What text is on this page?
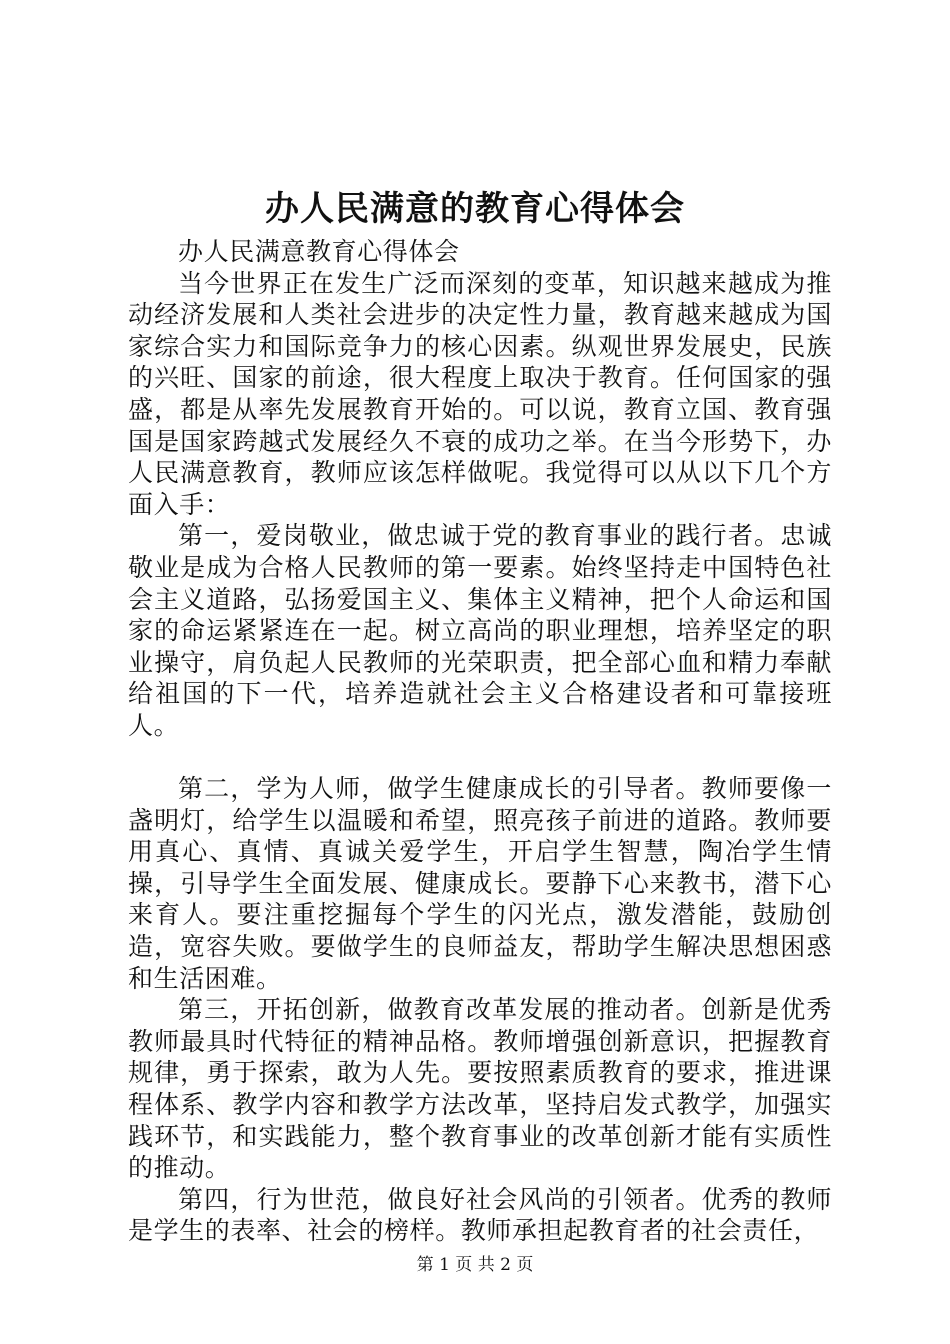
办人民满意的教育心得体会

办人民满意教育心得体会

当今世界正在发生广泛而深刻的变革，知识越来越成为推动经济发展和人类社会进步的决定性力量，教育越来越成为国家综合实力和国际竞争力的核心因素。纵观世界发展史，民族的兴旺、国家的前途，很大程度上取决于教育。任何国家的强盛，都是从率先发展教育开始的。可以说，教育立国、教育强国是国家跨越式发展经久不衰的成功之举。在当今形势下，办人民满意教育，教师应该怎样做呢。我觉得可以从以下几个方面入手：

第一，爱岗敬业，做忠诚于党的教育事业的践行者。忠诚敬业是成为合格人民教师的第一要素。始终坚持走中国特色社会主义道路，弘扬爱国主义、集体主义精神，把个人命运和国家的命运紧紧连在一起。树立高尚的职业理想，培养坚定的职业操守，肩负起人民教师的光荣职责，把全部心血和精力奉献给祖国的下一代，培养造就社会主义合格建设者和可靠接班人。

第二，学为人师，做学生健康成长的引导者。教师要像一盏明灯，给学生以温暖和希望，照亮孩子前进的道路。教师要用真心、真情、真诚关爱学生，开启学生智慧，陶冶学生情操，引导学生全面发展、健康成长。要静下心来教书，潜下心来育人。要注重挖掘每个学生的闪光点，激发潜能，鼓励创造，宽容失败。要做学生的良师益友，帮助学生解决思想困惑和生活困难。

第三，开拓创新，做教育改革发展的推动者。创新是优秀教师最具时代特征的精神品格。教师增强创新意识，把握教育规律，勇于探索，敢为人先。要按照素质教育的要求，推进课程体系、教学内容和教学方法改革，坚持启发式教学，加强实践环节，和实践能力，整个教育事业的改革创新才能有实质性的推动。

第四，行为世范，做良好社会风尚的引领者。优秀的教师是学生的表率、社会的榜样。教师承担起教育者的社会责任，

第 1 页 共 2 页
